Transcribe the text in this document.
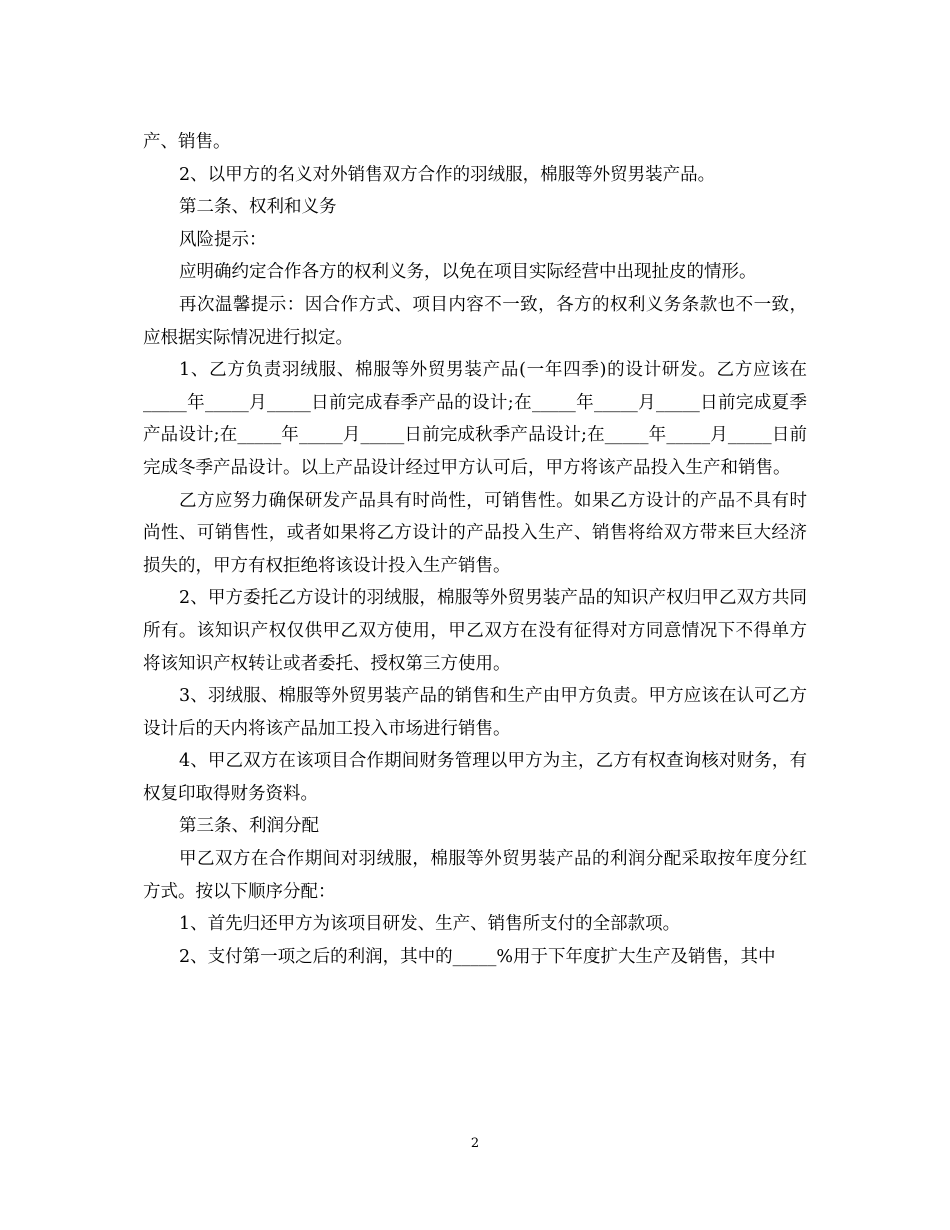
产、销售。

2、以甲方的名义对外销售双方合作的羽绒服，棉服等外贸男装产品。

第二条、权利和义务

风险提示：

应明确约定合作各方的权利义务，以免在项目实际经营中出现扯皮的情形。

再次温馨提示：因合作方式、项目内容不一致，各方的权利义务条款也不一致，应根据实际情况进行拟定。

1、乙方负责羽绒服、棉服等外贸男装产品(一年四季)的设计研发。乙方应该在_____年_____月_____日前完成春季产品的设计;在_____年_____月_____日前完成夏季产品设计;在_____年_____月_____日前完成秋季产品设计;在_____年_____月_____日前完成冬季产品设计。以上产品设计经过甲方认可后，甲方将该产品投入生产和销售。

乙方应努力确保研发产品具有时尚性，可销售性。如果乙方设计的产品不具有时尚性、可销售性，或者如果将乙方设计的产品投入生产、销售将给双方带来巨大经济损失的，甲方有权拒绝将该设计投入生产销售。

2、甲方委托乙方设计的羽绒服，棉服等外贸男装产品的知识产权归甲乙双方共同所有。该知识产权仅供甲乙双方使用，甲乙双方在没有征得对方同意情况下不得单方将该知识产权转让或者委托、授权第三方使用。

3、羽绒服、棉服等外贸男装产品的销售和生产由甲方负责。甲方应该在认可乙方设计后的天内将该产品加工投入市场进行销售。

4、甲乙双方在该项目合作期间财务管理以甲方为主，乙方有权查询核对财务，有权复印取得财务资料。

第三条、利润分配

甲乙双方在合作期间对羽绒服，棉服等外贸男装产品的利润分配采取按年度分红方式。按以下顺序分配：

1、首先归还甲方为该项目研发、生产、销售所支付的全部款项。

2、支付第一项之后的利润，其中的_____%用于下年度扩大生产及销售，其中

2
